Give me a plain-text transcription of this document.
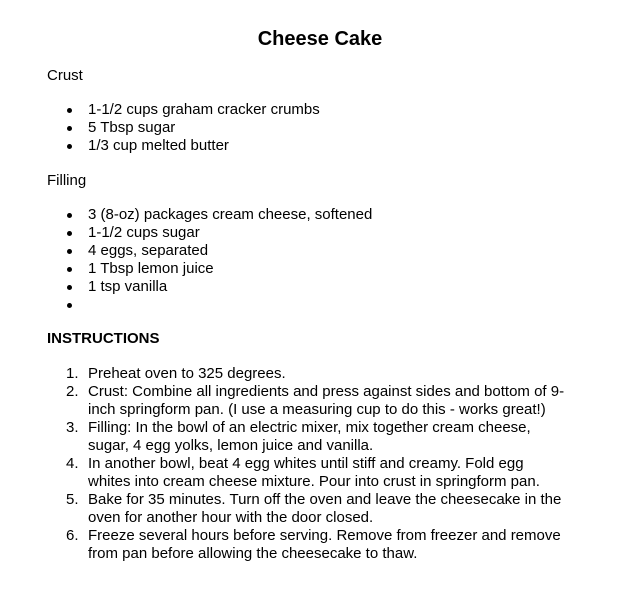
Cheese Cake
Crust
1-1/2 cups graham cracker crumbs
5 Tbsp sugar
1/3 cup melted butter
Filling
3 (8-oz) packages cream cheese, softened
1-1/2 cups sugar
4 eggs, separated
1 Tbsp lemon juice
1 tsp vanilla
INSTRUCTIONS
1. Preheat oven to 325 degrees.
2. Crust: Combine all ingredients and press against sides and bottom of 9-
inch springform pan. (I use a measuring cup to do this - works great!)
3. Filling: In the bowl of an electric mixer, mix together cream cheese,
sugar, 4 egg yolks, lemon juice and vanilla.
4. In another bowl, beat 4 egg whites until stiff and creamy. Fold egg
whites into cream cheese mixture. Pour into crust in springform pan.
5. Bake for 35 minutes. Turn off the oven and leave the cheesecake in the
oven for another hour with the door closed.
6. Freeze several hours before serving. Remove from freezer and remove
from pan before allowing the cheesecake to thaw.
